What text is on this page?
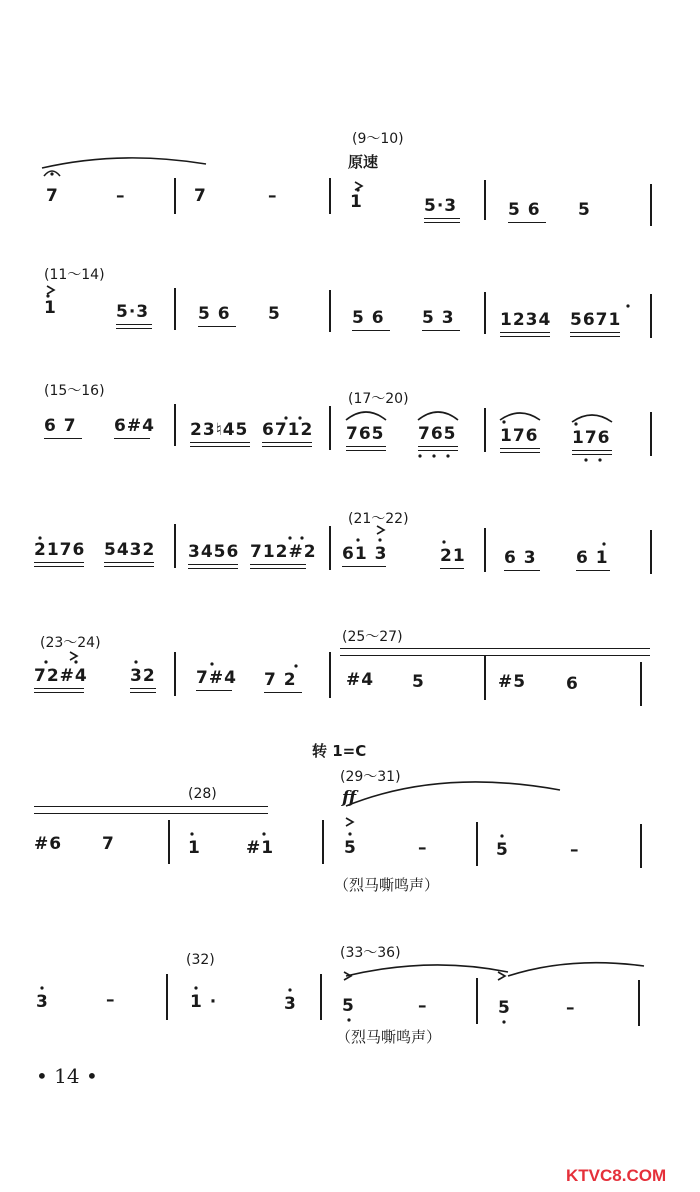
(9～10)
原速
7	–	7	–	1	5·3	5 6 5
(11～14)
1	5·3	5 6 5	5 6 5 3	1234 5671
(15～16)	(17～20)
6 7 6#4 23♮45 6712 765 765	176 176
(21～22)
2176 5432 3456 712#2 61 3	21 6 3 6 1
(23～24)	(25～27)
72#4 32 7#4 7 2	#4 5	#5 6
转 1=C
(29～31)
(28)	ff
#6 7	1	#1	5	–	5	–
（烈马嘶鸣声）
(32)	(33～36)
3	–	1 ·	3	5	–	5	–
（烈马嘶鸣声）
• 14 •
KTVC8.COM
